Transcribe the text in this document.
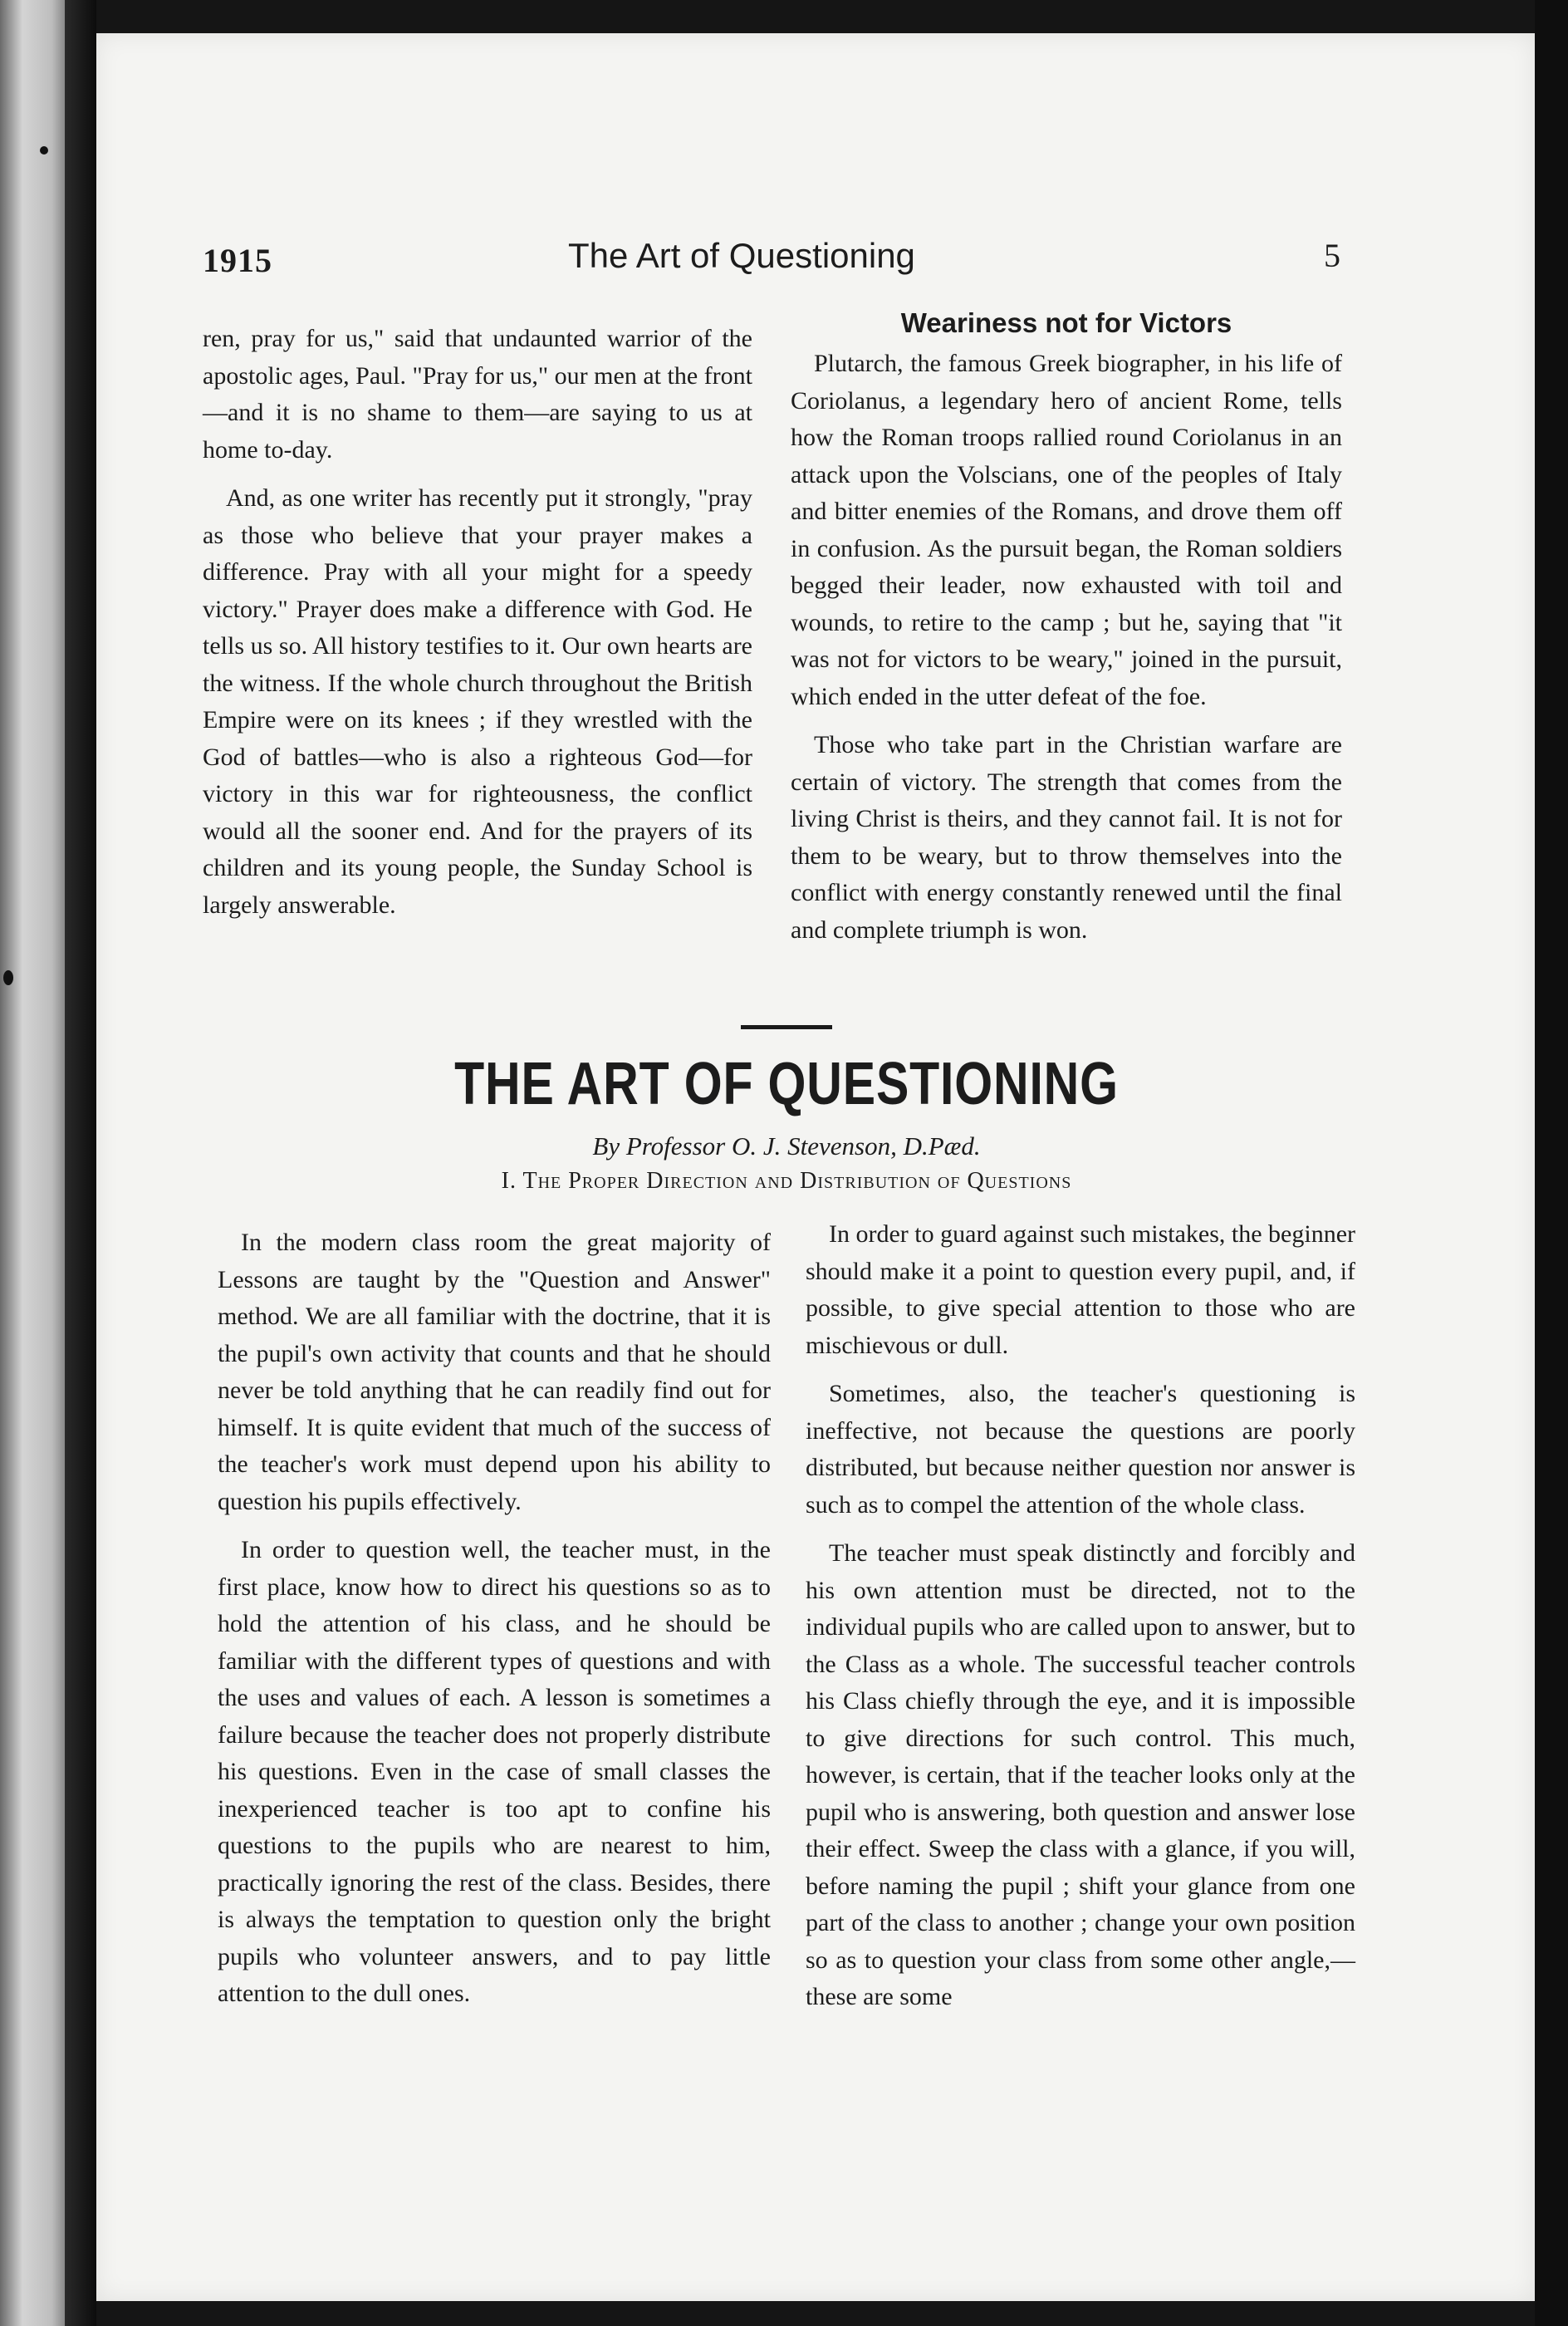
1915	The Art of Questioning	5

ren, pray for us," said that undaunted warrior of the apostolic ages, Paul. "Pray for us," our men at the front—and it is no shame to them—are saying to us at home to-day.

And, as one writer has recently put it strongly, "pray as those who believe that your prayer makes a difference. Pray with all your might for a speedy victory." Prayer does make a difference with God. He tells us so. All history testifies to it. Our own hearts are the witness. If the whole church throughout the British Empire were on its knees ; if they wrestled with the God of battles—who is also a righteous God—for victory in this war for righteousness, the conflict would all the sooner end. And for the prayers of its children and its young people, the Sunday School is largely answerable.

Weariness not for Victors

Plutarch, the famous Greek biographer, in his life of Coriolanus, a legendary hero of ancient Rome, tells how the Roman troops rallied round Coriolanus in an attack upon the Volscians, one of the peoples of Italy and bitter enemies of the Romans, and drove them off in confusion. As the pursuit began, the Roman soldiers begged their leader, now exhausted with toil and wounds, to retire to the camp ; but he, saying that "it was not for victors to be weary," joined in the pursuit, which ended in the utter defeat of the foe.

Those who take part in the Christian warfare are certain of victory. The strength that comes from the living Christ is theirs, and they cannot fail. It is not for them to be weary, but to throw themselves into the conflict with energy constantly renewed until the final and complete triumph is won.

THE ART OF QUESTIONING
By Professor O. J. Stevenson, D.Pæd.
I. The Proper Direction and Distribution of Questions

In the modern class room the great majority of Lessons are taught by the "Question and Answer" method. We are all familiar with the doctrine, that it is the pupil's own activity that counts and that he should never be told anything that he can readily find out for himself. It is quite evident that much of the success of the teacher's work must depend upon his ability to question his pupils effectively.

In order to question well, the teacher must, in the first place, know how to direct his questions so as to hold the attention of his class, and he should be familiar with the different types of questions and with the uses and values of each. A lesson is sometimes a failure because the teacher does not properly distribute his questions. Even in the case of small classes the inexperienced teacher is too apt to confine his questions to the pupils who are nearest to him, practically ignoring the rest of the class. Besides, there is always the temptation to question only the bright pupils who volunteer answers, and to pay little attention to the dull ones.

In order to guard against such mistakes, the beginner should make it a point to question every pupil, and, if possible, to give special attention to those who are mischievous or dull.

Sometimes, also, the teacher's questioning is ineffective, not because the questions are poorly distributed, but because neither question nor answer is such as to compel the attention of the whole class.

The teacher must speak distinctly and forcibly and his own attention must be directed, not to the individual pupils who are called upon to answer, but to the Class as a whole. The successful teacher controls his Class chiefly through the eye, and it is impossible to give directions for such control. This much, however, is certain, that if the teacher looks only at the pupil who is answering, both question and answer lose their effect. Sweep the class with a glance, if you will, before naming the pupil ; shift your glance from one part of the class to another ; change your own position so as to question your class from some other angle,—these are some
